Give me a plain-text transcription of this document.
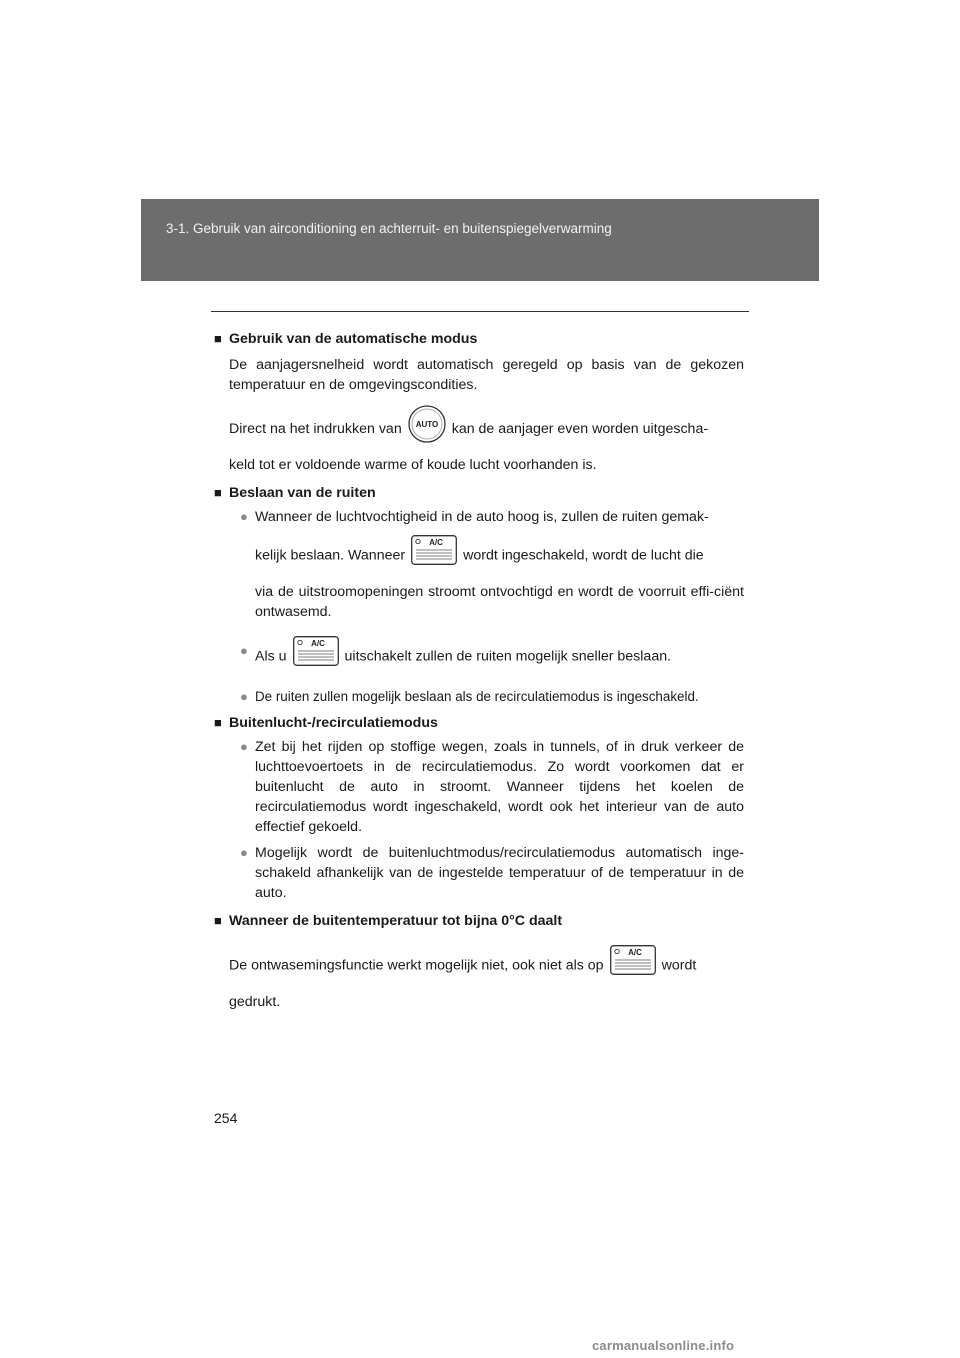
3-1. Gebruik van airconditioning en achterruit- en buitenspiegelverwarming

■ Gebruik van de automatische modus

De aanjagersnelheid wordt automatisch geregeld op basis van de gekozen temperatuur en de omgevingscondities.

Direct na het indrukken van AUTO kan de aanjager even worden uitgescha-

keld tot er voldoende warme of koude lucht voorhanden is.

■ Beslaan van de ruiten

● Wanneer de luchtvochtigheid in de auto hoog is, zullen de ruiten gemak-
kelijk beslaan. Wanneer
A/C
wordt ingeschakeld, wordt de lucht die
via de uitstroomopeningen stroomt ontvochtigd en wordt de voorruit effi-ciënt ontwasemd.
● Als u
A/C
uitschakelt zullen de ruiten mogelijk sneller beslaan.
● De ruiten zullen mogelijk beslaan als de recirculatiemodus is ingeschakeld.

■ Buitenlucht-/recirculatiemodus

● Zet bij het rijden op stoffige wegen, zoals in tunnels, of in druk verkeer de luchttoevoertoets in de recirculatiemodus. Zo wordt voorkomen dat er buitenlucht de auto in stroomt. Wanneer tijdens het koelen de recirculatiemodus wordt ingeschakeld, wordt ook het interieur van de auto effectief gekoeld.
● Mogelijk wordt de buitenluchtmodus/recirculatiemodus automatisch inge-schakeld afhankelijk van de ingestelde temperatuur of de temperatuur in de auto.

■ Wanneer de buitentemperatuur tot bijna 0°C daalt

De ontwasemingsfunctie werkt mogelijk niet, ook niet als op
A/C
wordt

gedrukt.

254
carmanualsonline.info
